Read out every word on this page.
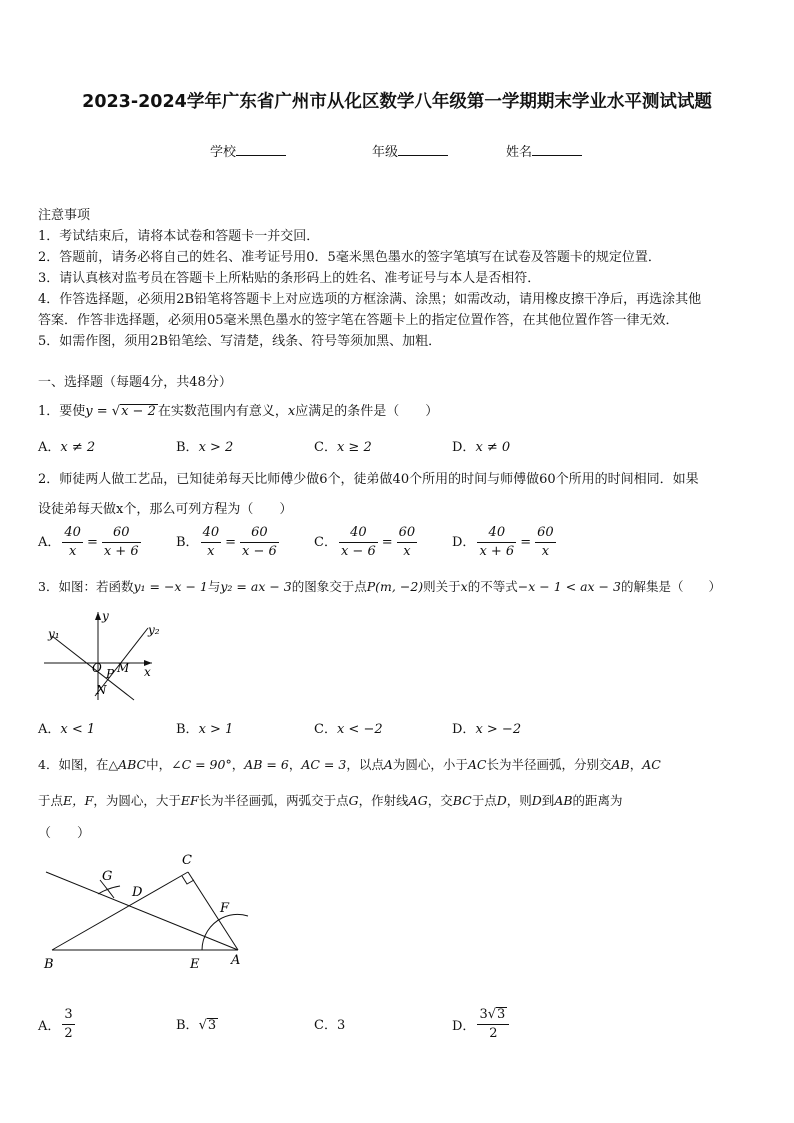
2023-2024学年广东省广州市从化区数学八年级第一学期期末学业水平测试试题
学校	年级	姓名
注意事项
1．考试结束后，请将本试卷和答题卡一并交回．
2．答题前，请务必将自己的姓名、准考证号用0．5毫米黑色墨水的签字笔填写在试卷及答题卡的规定位置．
3．请认真核对监考员在答题卡上所粘贴的条形码上的姓名、准考证号与本人是否相符．
4．作答选择题，必须用2B铅笔将答题卡上对应选项的方框涂满、涂黑；如需改动，请用橡皮擦干净后，再选涂其他
答案．作答非选择题，必须用05毫米黑色墨水的签字笔在答题卡上的指定位置作答，在其他位置作答一律无效．
5．如需作图，须用2B铅笔绘、写清楚，线条、符号等须加黑、加粗．
一、选择题（每题4分，共48分）
1．要使y = √x − 2 在实数范围内有意义，x应满足的条件是（　　）
A．x ≠ 2	B．x > 2	C．x ≥ 2	D．x ≠ 0
2．师徒两人做工艺品，已知徒弟每天比师傅少做6个，徒弟做40个所用的时间与师傅做60个所用的时间相同．如果
设徒弟每天做x个，那么可列方程为（　　）
A． $\frac{40}{x} = \frac{60}{x + 6}$	B． $\frac{40}{x} = \frac{60}{x - 6}$	C． $\frac{40}{x - 6} = \frac{60}{x}$	D． $\frac{40}{x + 6} = \frac{60}{x}$
3．如图：若函数y₁ = −x − 1与y₂ = ax − 3的图象交于点P(m, −2)则关于x的不等式−x − 1 < ax − 3的解集是（　　）
y₁	y₂
y
x
O P M
N
A．x < 1	B．x > 1	C．x < −2	D．x > −2
4．如图，在△ABC中，∠C = 90°，AB = 6，AC = 3，以点A为圆心，小于AC长为半径画弧，分别交AB，AC
于点E，F，为圆心，大于EF长为半径画弧，两弧交于点G，作射线AG，交BC于点D，则D到AB的距离为
（　　）
C
G
D
F
B	E A
A． $\frac{3}{2}$	B．√3	C．3	D． $\frac{3√3}{2}$
